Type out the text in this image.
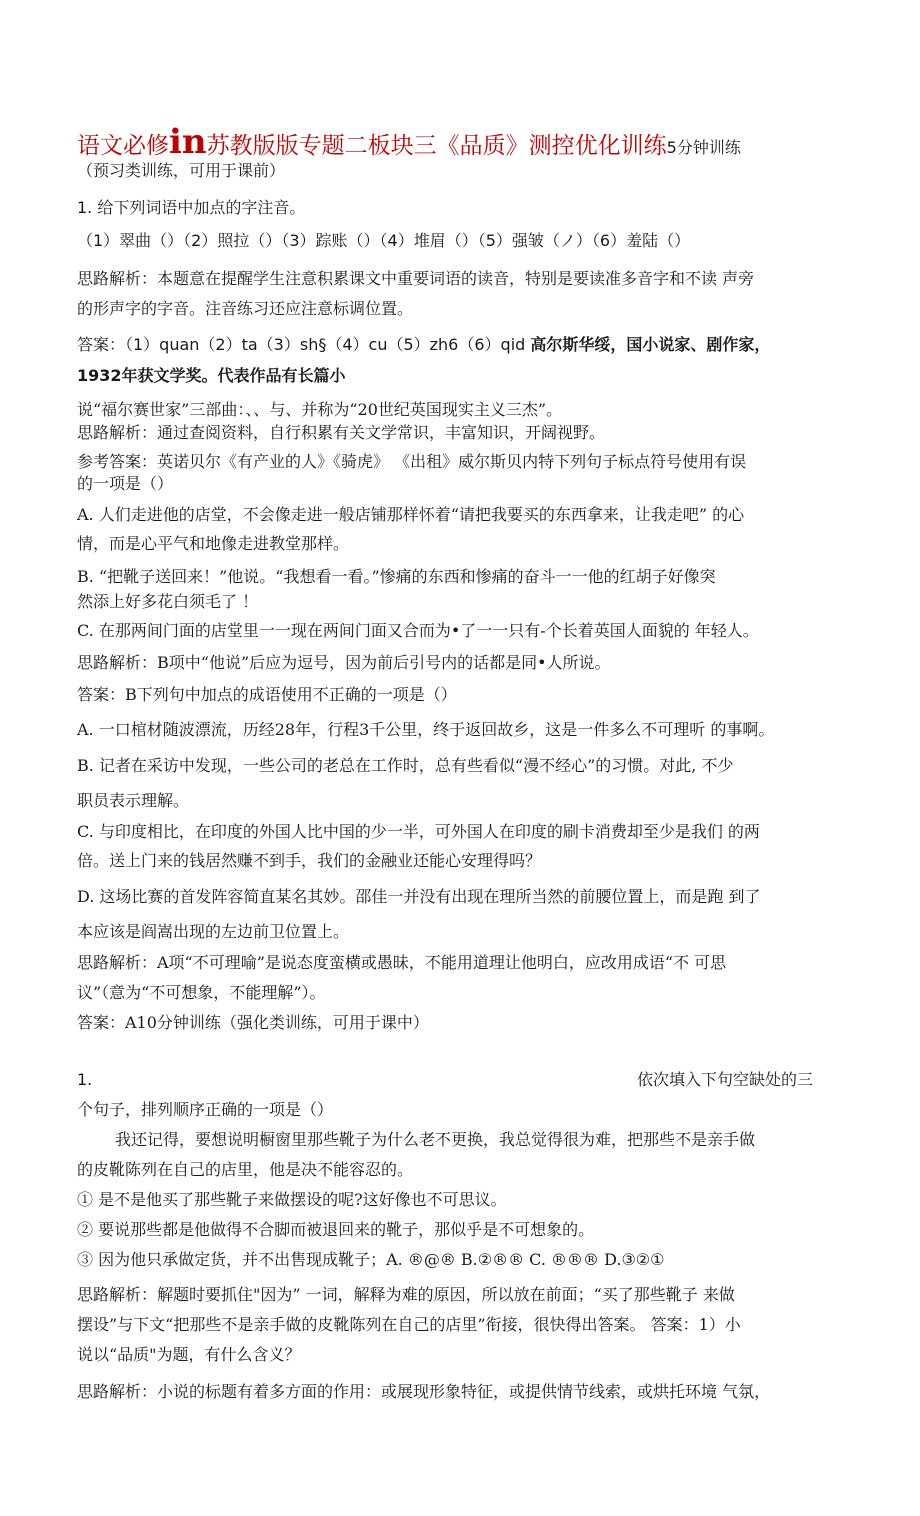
语文必修in苏教版版专题二板块三《品质》测控优化训练5分钟训练
（预习类训练，可用于课前）
1. 给下列词语中加点的字注音。
（1）翠曲（）（2）照拉（）（3）踪账（）（4）堆眉（）（5）强皱（ノ）（6）羞陆（）
思路解析：本题意在提醒学生注意积累课文中重要词语的读音，特别是要读准多音字和不读 声旁
的形声字的字音。注音练习还应注意标调位置。
答案：（1）quan（2）ta（3）sh§（4）cu（5）zh6（6）qid 高尔斯华绥，国小说家、剧作家，
1932年获文学奖。代表作品有长篇小
说“福尔赛世家”三部曲：、、与、并称为“20世纪英国现实主义三杰”。
思路解析：通过查阅资料，自行积累有关文学常识，丰富知识，开阔视野。
参考答案：英诺贝尔《有产业的人》《骑虎》 《出租》威尔斯贝内特下列句子标点符号使用有误
的一项是（）
A. 人们走进他的店堂，不会像走进一般店铺那样怀着“请把我要买的东西拿来，让我走吧” 的心
情，而是心平气和地像走进教堂那样。
B. “把靴子送回来！”他说。“我想看一看。”惨痛的东西和惨痛的奋斗一一他的红胡子好像突
然添上好多花白须毛了 ！
C. 在那两间门面的店堂里一一现在两间门面又合而为•了一一只有-个长着英国人面貌的 年轻人。
思路解析：B项中“他说”后应为逗号，因为前后引号内的话都是同•人所说。
答案：B下列句中加点的成语使用不正确的一项是（）
A. 一口棺材随波漂流，历经28年，行程3千公里，终于返回故乡，这是一件多么不可理听 的事啊。
B. 记者在采访中发现，一些公司的老总在工作时，总有些看似“漫不经心”的习惯。对此, 不少
职员表示理解。
C. 与印度相比，在印度的外国人比中国的少一半，可外国人在印度的刷卡消费却至少是我们 的两
倍。送上门来的钱居然赚不到手，我们的金融业还能心安理得吗？
D. 这场比赛的首发阵容简直某名其妙。邵佳一并没有出现在理所当然的前腰位置上，而是跑 到了
本应该是阎嵩出现的左边前卫位置上。
思路解析：A项“不可理喻”是说态度蛮横或愚昧，不能用道理让他明白，应改用成语“不 可思
议”（意为“不可想象，不能理解”）。
答案：A10分钟训练（强化类训练，可用于课中）
1.	依次填入下句空缺处的三
个句子，排列顺序正确的一项是（）
我还记得，要想说明橱窗里那些靴子为什么老不更换，我总觉得很为难，把那些不是亲手做
的皮靴陈列在自己的店里，他是决不能容忍的。
① 是不是他买了那些靴子来做摆设的呢?这好像也不可思议。
② 要说那些都是他做得不合脚而被退回来的靴子，那似乎是不可想象的。
③ 因为他只承做定货，并不出售现成靴子；A. ®@® B.②®® C. ®®® D.③②①
思路解析：解题时要抓住"因为” 一词，解释为难的原因，所以放在前面；“买了那些靴子 来做
摆设”与下文“把那些不是亲手做的皮靴陈列在自己的店里”衔接，很快得出答案。 答案：1）小
说以“品质"为题，有什么含义？
思路解析：小说的标题有着多方面的作用：或展现形象特征，或提供情节线索，或烘托环境 气氛，
